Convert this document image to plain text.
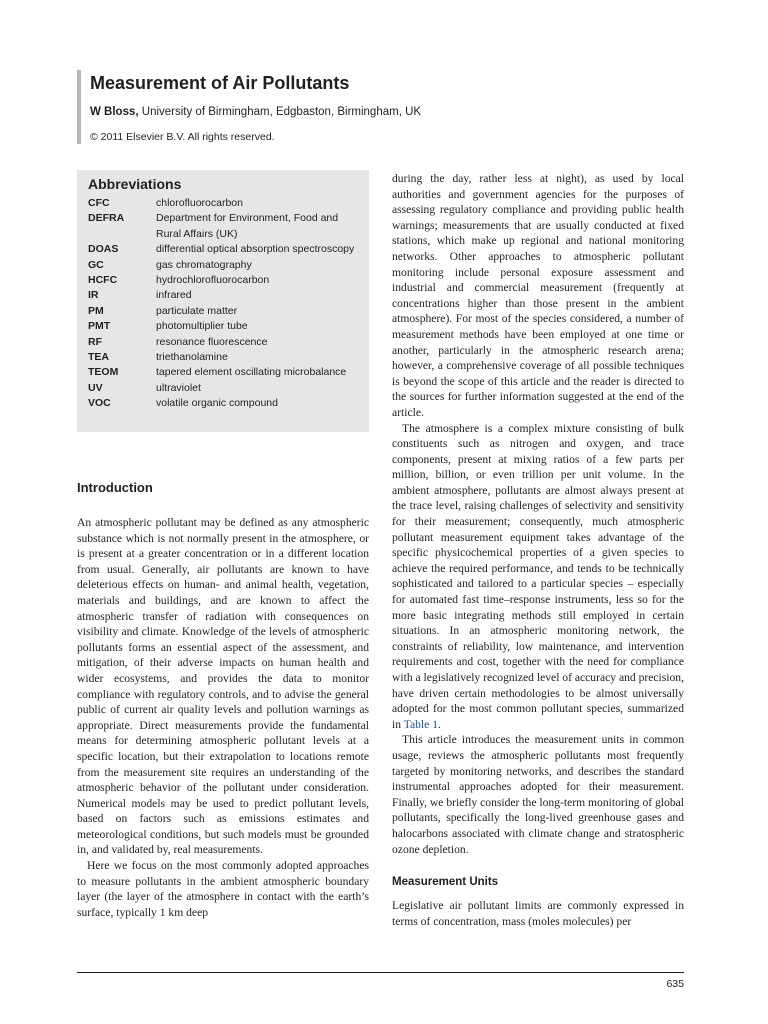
Measurement of Air Pollutants
W Bloss, University of Birmingham, Edgbaston, Birmingham, UK
© 2011 Elsevier B.V. All rights reserved.
Abbreviations
CFC	chlorofluorocarbon
DEFRA	Department for Environment, Food and Rural Affairs (UK)
DOAS	differential optical absorption spectroscopy
GC	gas chromatography
HCFC	hydrochlorofluorocarbon
IR	infrared
PM	particulate matter
PMT	photomultiplier tube
RF	resonance fluorescence
TEA	triethanolamine
TEOM	tapered element oscillating microbalance
UV	ultraviolet
VOC	volatile organic compound
Introduction

An atmospheric pollutant may be defined as any atmospheric substance which is not normally present in the atmosphere, or is present at a greater concentration or in a different location from usual. Generally, air pollutants are known to have deleterious effects on human- and animal health, vegetation, materials and buildings, and are known to affect the atmospheric transfer of radiation with consequences on visibility and climate. Knowledge of the levels of atmospheric pollutants forms an essential aspect of the assessment, and mitigation, of their adverse impacts on human health and wider ecosystems, and provides the data to monitor compliance with regulatory controls, and to advise the general public of current air quality levels and pollution warnings as appropriate. Direct measurements provide the fundamental means for determining atmospheric pollutant levels at a specific location, but their extrapolation to locations remote from the measurement site requires an understanding of the atmospheric behavior of the pollutant under consideration. Numerical models may be used to predict pollutant levels, based on factors such as emissions estimates and meteorological conditions, but such models must be grounded in, and validated by, real measurements.

Here we focus on the most commonly adopted approaches to measure pollutants in the ambient atmospheric boundary layer (the layer of the atmosphere in contact with the earth’s surface, typically 1 km deep

during the day, rather less at night), as used by local authorities and government agencies for the purposes of assessing regulatory compliance and providing public health warnings; measurements that are usually conducted at fixed stations, which make up regional and national monitoring networks. Other approaches to atmospheric pollutant monitoring include personal exposure assessment and industrial and commercial measurement (frequently at concentrations higher than those present in the ambient atmosphere). For most of the species considered, a number of measurement methods have been employed at one time or another, particularly in the atmospheric research arena; however, a comprehensive coverage of all possible techniques is beyond the scope of this article and the reader is directed to the sources for further information suggested at the end of the article.

The atmosphere is a complex mixture consisting of bulk constituents such as nitrogen and oxygen, and trace components, present at mixing ratios of a few parts per million, billion, or even trillion per unit volume. In the ambient atmosphere, pollutants are almost always present at the trace level, raising challenges of selectivity and sensitivity for their measurement; consequently, much atmospheric pollutant measurement equipment takes advantage of the specific physicochemical properties of a given species to achieve the required performance, and tends to be technically sophisticated and tailored to a particular species – especially for automated fast time–response instruments, less so for the more basic integrating methods still employed in certain situations. In an atmospheric monitoring network, the constraints of reliability, low maintenance, and intervention requirements and cost, together with the need for compliance with a legislatively recognized level of accuracy and precision, have driven certain methodologies to be almost universally adopted for the most common pollutant species, summarized in Table 1.

This article introduces the measurement units in common usage, reviews the atmospheric pollutants most frequently targeted by monitoring networks, and describes the standard instrumental approaches adopted for their measurement. Finally, we briefly consider the long-term monitoring of global pollutants, specifically the long-lived greenhouse gases and halocarbons associated with climate change and stratospheric ozone depletion.

Measurement Units

Legislative air pollutant limits are commonly expressed in terms of concentration, mass (moles molecules) per

635
